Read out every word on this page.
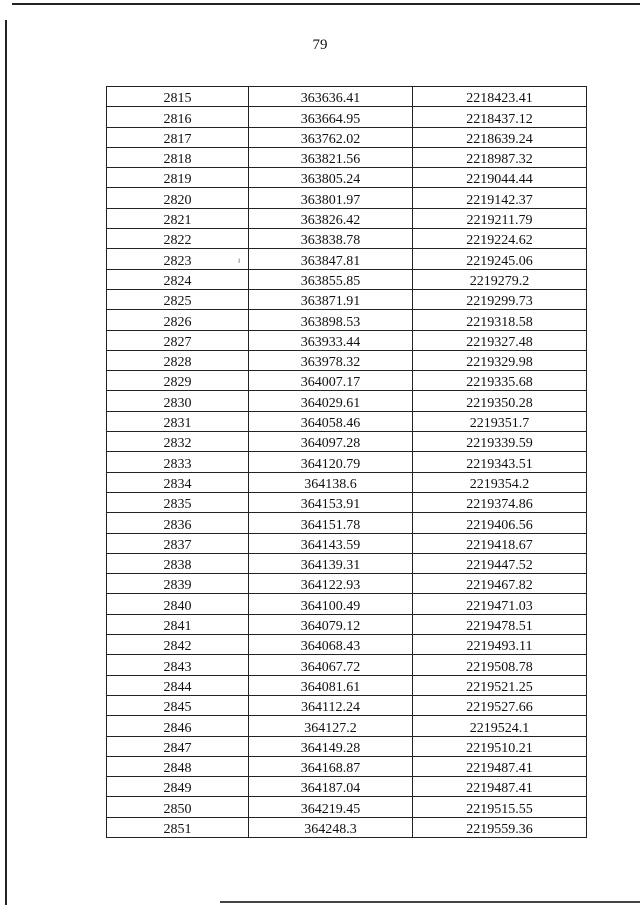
79
ı
2815	363636.41	2218423.41
2816	363664.95	2218437.12
2817	363762.02	2218639.24
2818	363821.56	2218987.32
2819	363805.24	2219044.44
2820	363801.97	2219142.37
2821	363826.42	2219211.79
2822	363838.78	2219224.62
2823	363847.81	2219245.06
2824	363855.85	2219279.2
2825	363871.91	2219299.73
2826	363898.53	2219318.58
2827	363933.44	2219327.48
2828	363978.32	2219329.98
2829	364007.17	2219335.68
2830	364029.61	2219350.28
2831	364058.46	2219351.7
2832	364097.28	2219339.59
2833	364120.79	2219343.51
2834	364138.6	2219354.2
2835	364153.91	2219374.86
2836	364151.78	2219406.56
2837	364143.59	2219418.67
2838	364139.31	2219447.52
2839	364122.93	2219467.82
2840	364100.49	2219471.03
2841	364079.12	2219478.51
2842	364068.43	2219493.11
2843	364067.72	2219508.78
2844	364081.61	2219521.25
2845	364112.24	2219527.66
2846	364127.2	2219524.1
2847	364149.28	2219510.21
2848	364168.87	2219487.41
2849	364187.04	2219487.41
2850	364219.45	2219515.55
2851	364248.3	2219559.36
